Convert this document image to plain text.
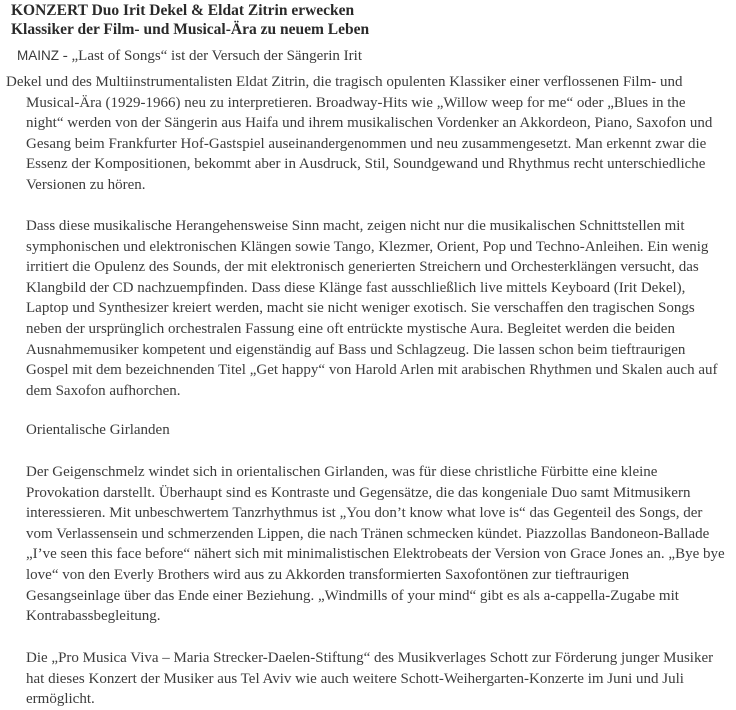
KONZERT Duo Irit Dekel & Eldat Zitrin erwecken
Klassiker der Film- und Musical-Ära zu neuem Leben

MAINZ - „Last of Songs“ ist der Versuch der Sängerin Irit

Dekel und des Multiinstrumentalisten Eldat Zitrin, die tragisch opulenten Klassiker einer verflossenen Film- und Musical-Ära (1929-1966) neu zu interpretieren. Broadway-Hits wie „Willow weep for me“ oder „Blues in the night“ werden von der Sängerin aus Haifa und ihrem musikalischen Vordenker an Akkordeon, Piano, Saxofon und Gesang beim Frankfurter Hof-Gastspiel auseinandergenommen und neu zusammengesetzt. Man erkennt zwar die Essenz der Kompositionen, bekommt aber in Ausdruck, Stil, Soundgewand und Rhythmus recht unterschiedliche Versionen zu hören.

Dass diese musikalische Herangehensweise Sinn macht, zeigen nicht nur die musikalischen Schnittstellen mit symphonischen und elektronischen Klängen sowie Tango, Klezmer, Orient, Pop und Techno-Anleihen. Ein wenig irritiert die Opulenz des Sounds, der mit elektronisch generierten Streichern und Orchesterklängen versucht, das Klangbild der CD nachzuempfinden. Dass diese Klänge fast ausschließlich live mittels Keyboard (Irit Dekel), Laptop und Synthesizer kreiert werden, macht sie nicht weniger exotisch. Sie verschaffen den tragischen Songs neben der ursprünglich orchestralen Fassung eine oft entrückte mystische Aura. Begleitet werden die beiden Ausnahmemusiker kompetent und eigenständig auf Bass und Schlagzeug. Die lassen schon beim tieftraurigen Gospel mit dem bezeichnenden Titel „Get happy“ von Harold Arlen mit arabischen Rhythmen und Skalen auch auf dem Saxofon aufhorchen.

Orientalische Girlanden

Der Geigenschmelz windet sich in orientalischen Girlanden, was für diese christliche Fürbitte eine kleine Provokation darstellt. Überhaupt sind es Kontraste und Gegensätze, die das kongeniale Duo samt Mitmusikern interessieren. Mit unbeschwertem Tanzrhythmus ist „You don’t know what love is“ das Gegenteil des Songs, der vom Verlassensein und schmerzenden Lippen, die nach Tränen schmecken kündet. Piazzollas Bandoneon-Ballade „I’ve seen this face before“ nähert sich mit minimalistischen Elektrobeats der Version von Grace Jones an. „Bye bye love“ von den Everly Brothers wird aus zu Akkorden transformierten Saxofontönen zur tieftraurigen Gesangseinlage über das Ende einer Beziehung. „Windmills of your mind“ gibt es als a-cappella-Zugabe mit Kontrabassbegleitung.

Die „Pro Musica Viva – Maria Strecker-Daelen-Stiftung“ des Musikverlages Schott zur Förderung junger Musiker hat dieses Konzert der Musiker aus Tel Aviv wie auch weitere Schott-Weihergarten-Konzerte im Juni und Juli ermöglicht.
